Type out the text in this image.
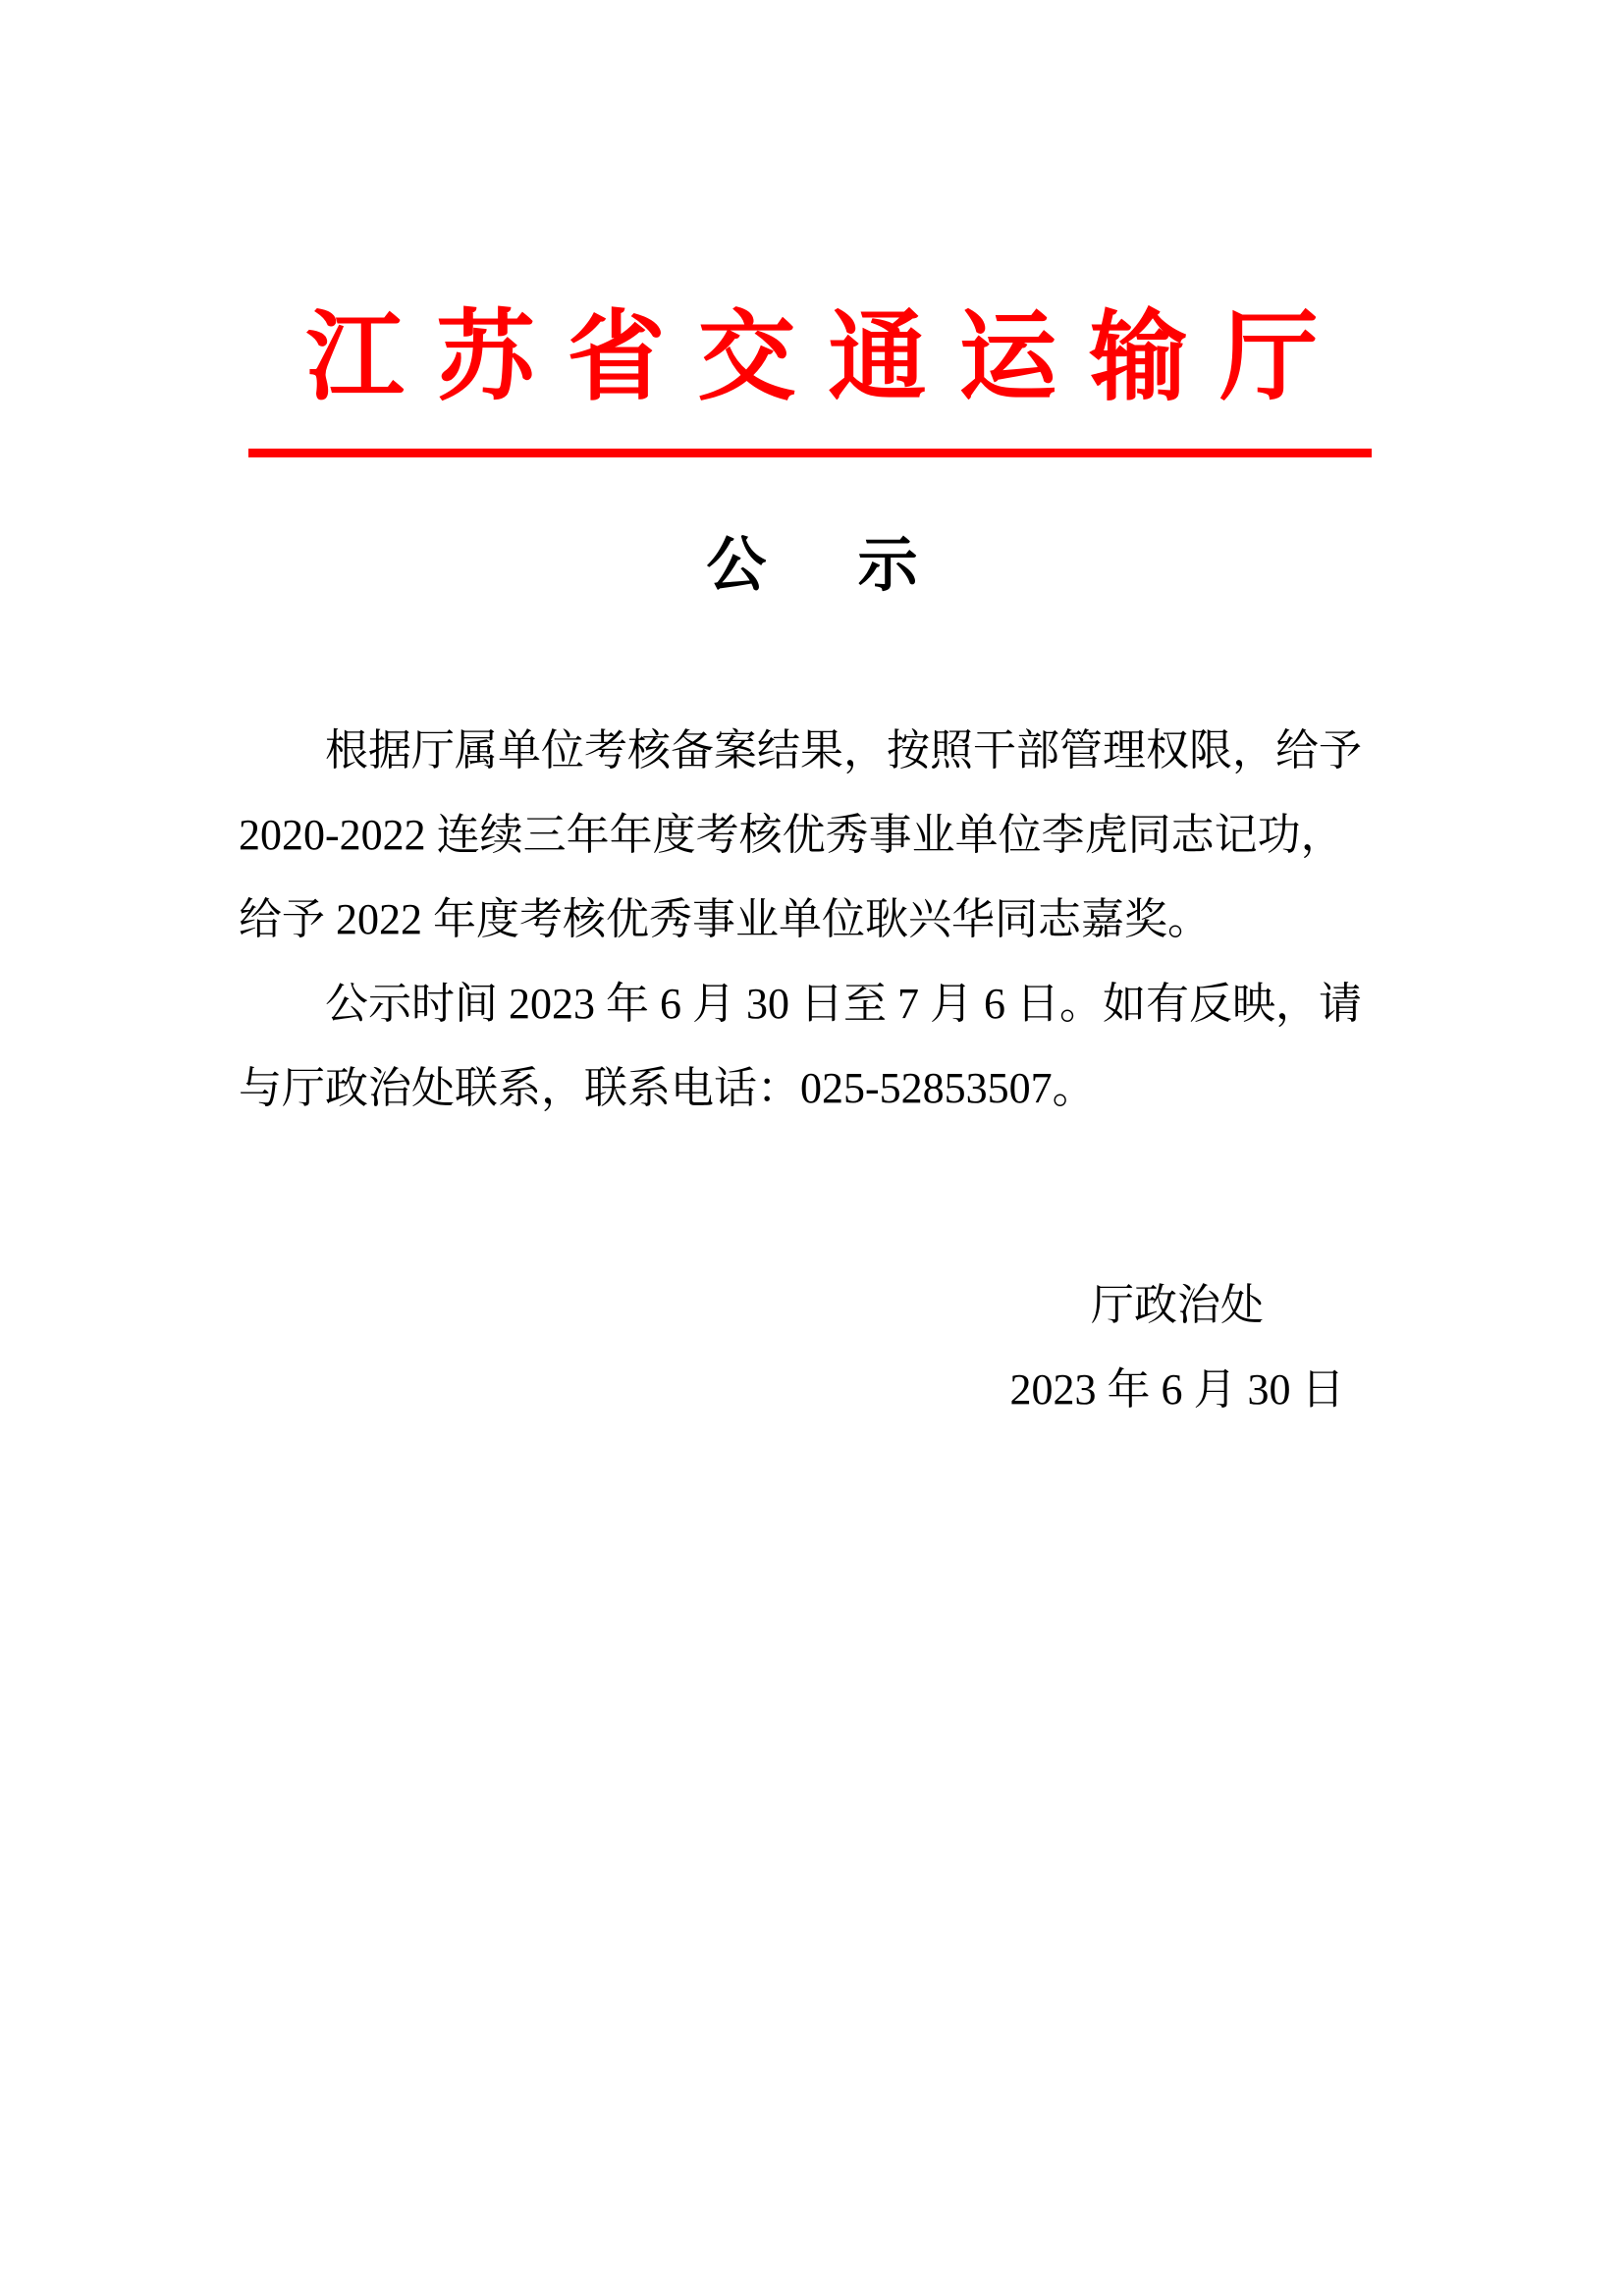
江 苏 省 交 通 运 输 厅
公 示
根据厅属单位考核备案结果，按照干部管理权限，给予
2020-2022 连续三年年度考核优秀事业单位李虎同志记功，
给予 2022 年度考核优秀事业单位耿兴华同志嘉奖。
公示时间 2023 年 6 月 30 日至 7 月 6 日。如有反映，请
与厅政治处联系，联系电话：025-52853507。
厅政治处
2023 年 6 月 30 日
